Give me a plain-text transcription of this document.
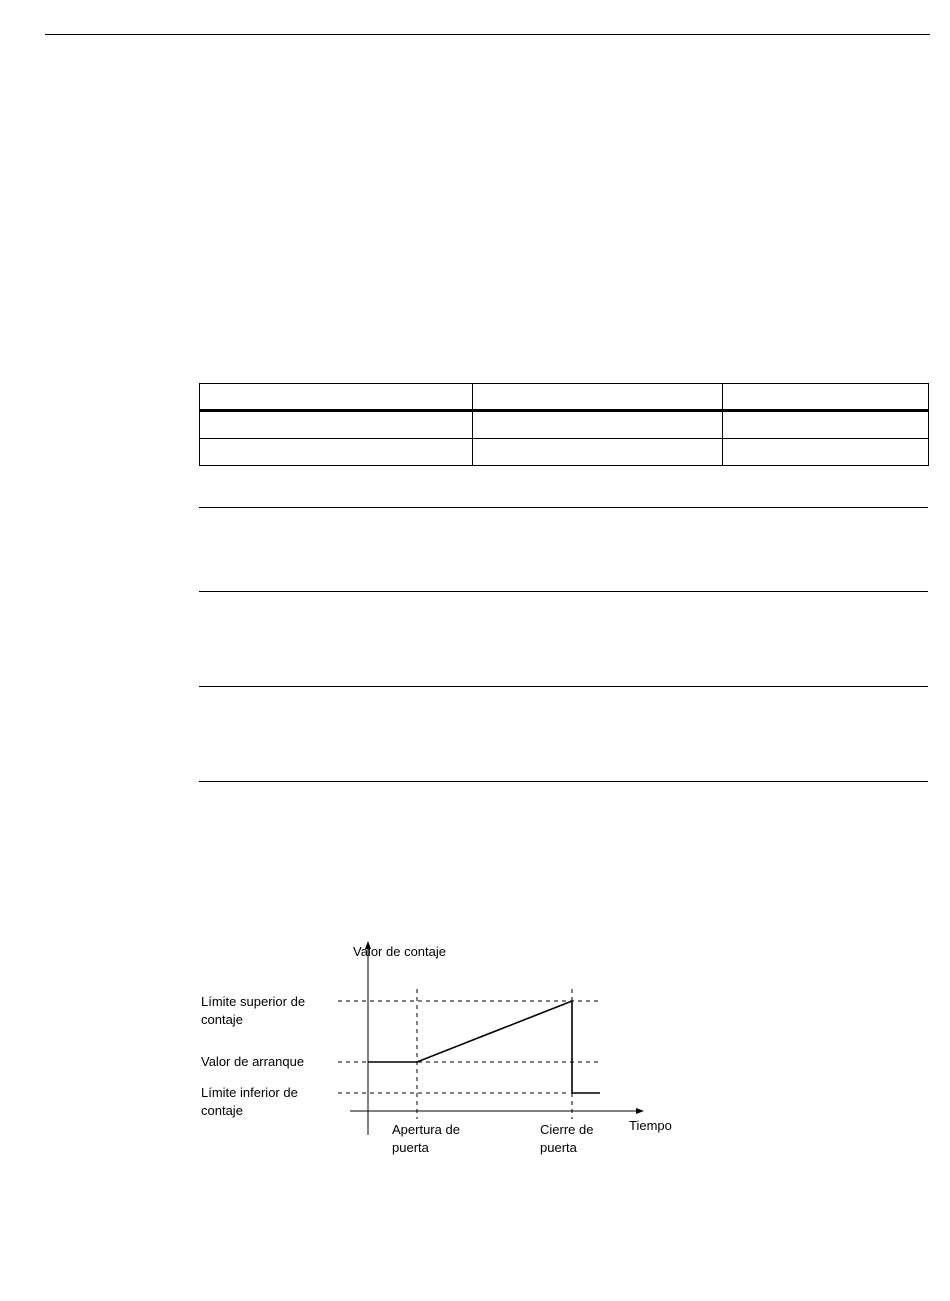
Valor de contaje
Límite superior de
contaje
Valor de arranque
Límite inferior de
contaje
Apertura de
puerta
Cierre de
puerta
Tiempo
